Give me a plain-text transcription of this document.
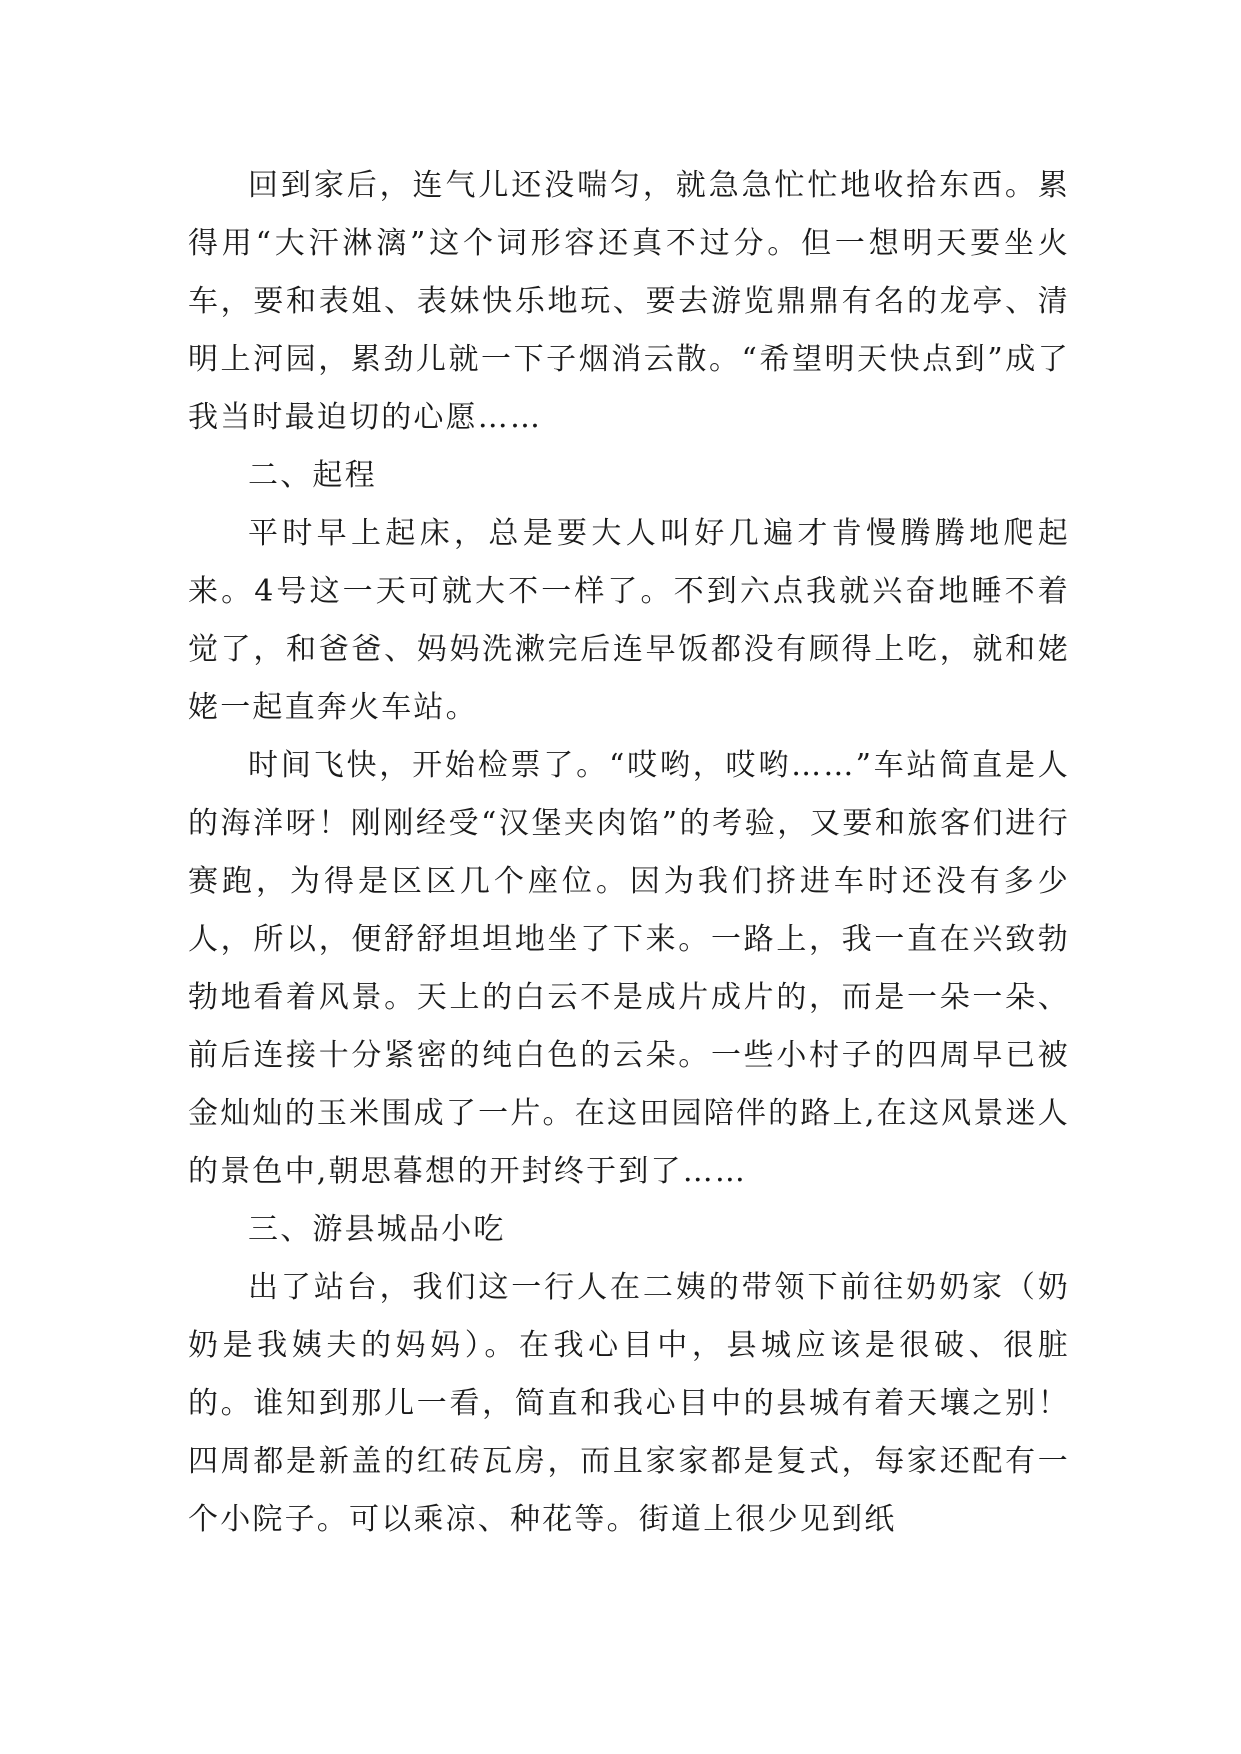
回到家后，连气儿还没喘匀，就急急忙忙地收拾东西。累得用“大汗淋漓”这个词形容还真不过分。但一想明天要坐火车，要和表姐、表妹快乐地玩、要去游览鼎鼎有名的龙亭、清明上河园，累劲儿就一下子烟消云散。“希望明天快点到”成了我当时最迫切的心愿……

二、起程

平时早上起床，总是要大人叫好几遍才肯慢腾腾地爬起来。4号这一天可就大不一样了。不到六点我就兴奋地睡不着觉了，和爸爸、妈妈洗漱完后连早饭都没有顾得上吃，就和姥姥一起直奔火车站。

时间飞快，开始检票了。“哎哟，哎哟……”车站简直是人的海洋呀！刚刚经受“汉堡夹肉馅”的考验，又要和旅客们进行赛跑，为得是区区几个座位。因为我们挤进车时还没有多少人，所以，便舒舒坦坦地坐了下来。一路上，我一直在兴致勃勃地看着风景。天上的白云不是成片成片的，而是一朵一朵、前后连接十分紧密的纯白色的云朵。一些小村子的四周早已被金灿灿的玉米围成了一片。在这田园陪伴的路上,在这风景迷人的景色中,朝思暮想的开封终于到了……

三、游县城品小吃

出了站台，我们这一行人在二姨的带领下前往奶奶家（奶奶是我姨夫的妈妈）。在我心目中，县城应该是很破、很脏的。谁知到那儿一看，简直和我心目中的县城有着天壤之别！四周都是新盖的红砖瓦房，而且家家都是复式，每家还配有一个小院子。可以乘凉、种花等。街道上很少见到纸
